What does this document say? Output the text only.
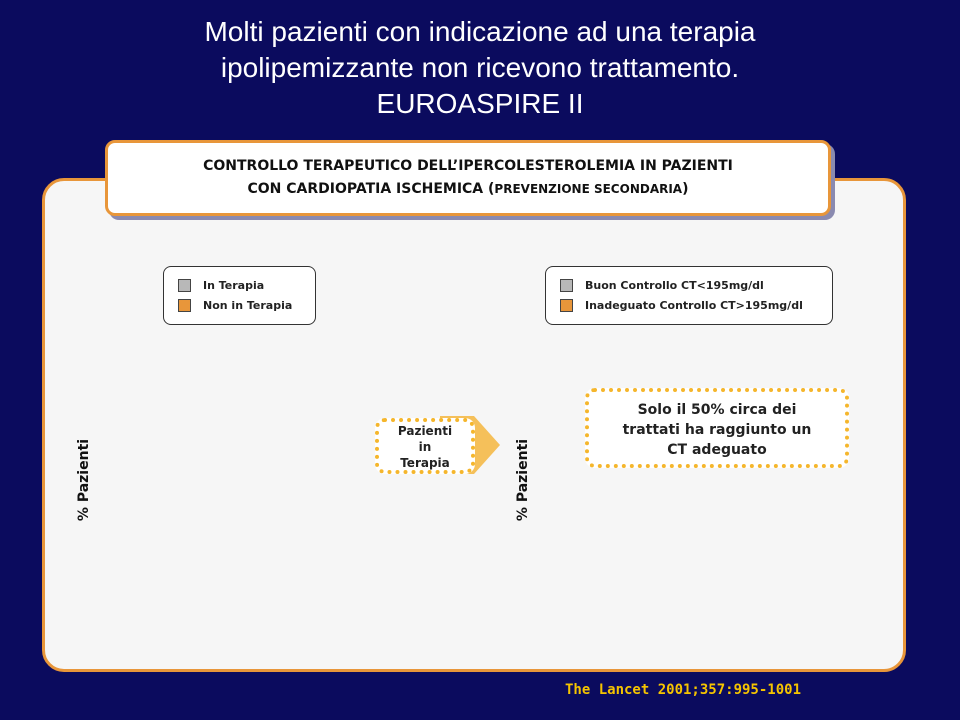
Molti pazienti con indicazione ad una terapia
ipolipemizzante non ricevono trattamento.
EUROASPIRE II
CONTROLLO TERAPEUTICO DELL’IPERCOLESTEROLEMIA IN PAZIENTI
CON CARDIOPATIA ISCHEMICA (PREVENZIONE SECONDARIA)
In Terapia
Non in Terapia
Buon Controllo CT<195mg/dl
Inadeguato Controllo CT>195mg/dl
% Pazienti	% Pazienti
Pazienti
in
Terapia
Solo il 50% circa dei
trattati ha raggiunto un
CT adeguato
The Lancet 2001;357:995-1001
